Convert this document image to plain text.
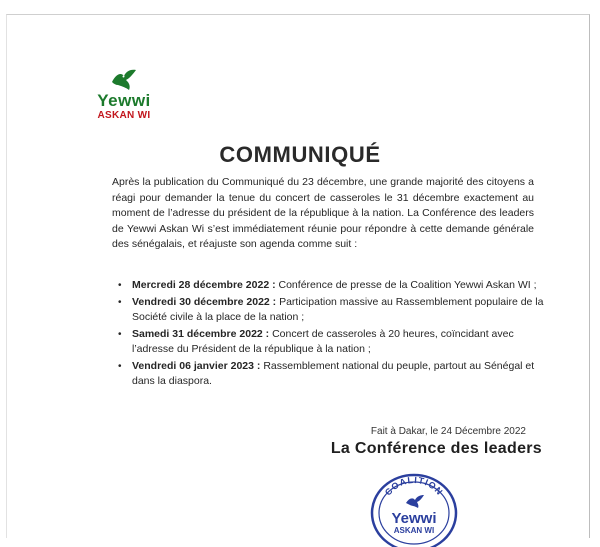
Yewwi
ASKAN WI
COMMUNIQUÉ
Après la publication du Communiqué du 23 décembre, une grande majorité des citoyens a réagi pour demander la tenue du concert de casseroles le 31 décembre exactement au moment de l’adresse du président de la république à la nation. La Conférence des leaders de Yewwi Askan Wi s’est immédiatement réunie pour répondre à cette demande générale des sénégalais, et réajuste son agenda comme suit :
• Mercredi 28 décembre 2022 : Conférence de presse de la Coalition Yewwi Askan WI ;
• Vendredi 30 décembre 2022 : Participation massive au Rassemblement populaire de la Société civile à la place de la nation ;
• Samedi 31 décembre 2022 : Concert de casseroles à 20 heures, coïncidant avec l’adresse du Président de la république à la nation ;
• Vendredi 06 janvier 2023 : Rassemblement national du peuple, partout au Sénégal et dans la diaspora.
Fait à Dakar, le 24 Décembre 2022
La Conférence des leaders
COALITION
Yewwi
ASKAN WI
